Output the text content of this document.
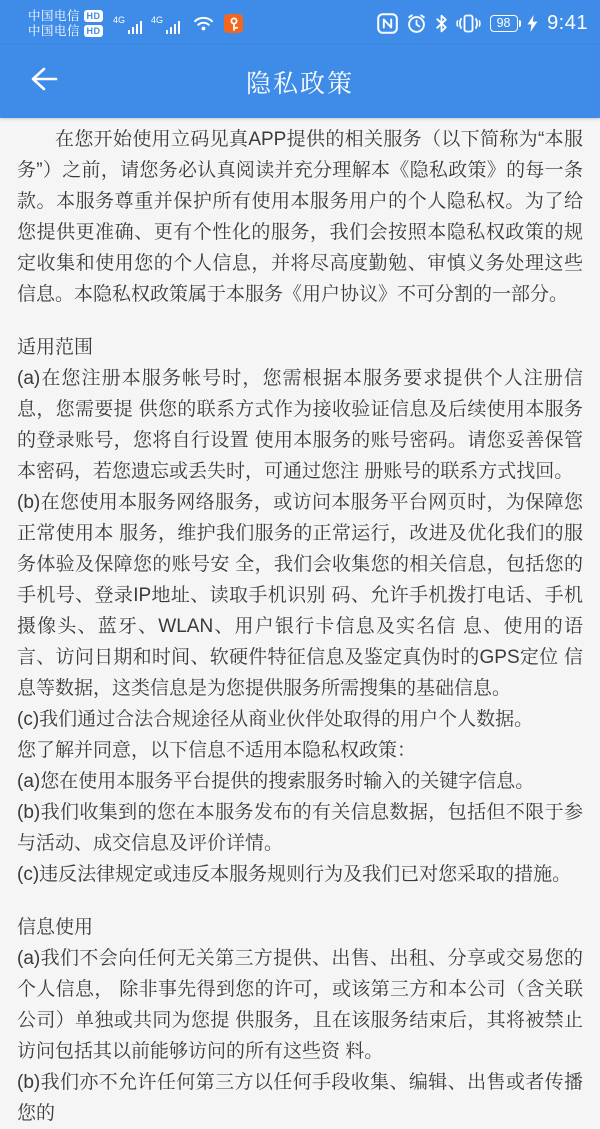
中国电信 HD
中国电信 HD
4G	4G	98	9:41
隐私政策

在您开始使用立码见真APP提供的相关服务（以下简称为“本服务”）之前，请您务必认真阅读并充分理解本《隐私政策》的每一条款。本服务尊重并保护所有使用本服务用户的个人隐私权。为了给您提供更准确、更有个性化的服务，我们会按照本隐私权政策的规定收集和使用您的个人信息，并将尽高度勤勉、审慎义务处理这些信息。本隐私权政策属于本服务《用户协议》不可分割的一部分。

适用范围

(a)在您注册本服务帐号时，您需根据本服务要求提供个人注册信息，您需要提 供您的联系方式作为接收验证信息及后续使用本服务的登录账号，您将自行设置 使用本服务的账号密码。请您妥善保管本密码，若您遗忘或丢失时，可通过您注 册账号的联系方式找回。

(b)在您使用本服务网络服务，或访问本服务平台网页时，为保障您正常使用本 服务，维护我们服务的正常运行，改进及优化我们的服务体验及保障您的账号安 全，我们会收集您的相关信息，包括您的手机号、登录IP地址、读取手机识别 码、允许手机拨打电话、手机摄像头、蓝牙、WLAN、用户银行卡信息及实名信 息、使用的语言、访问日期和时间、软硬件特征信息及鉴定真伪时的GPS定位 信息等数据，这类信息是为您提供服务所需搜集的基础信息。

(c)我们通过合法合规途径从商业伙伴处取得的用户个人数据。

您了解并同意，以下信息不适用本隐私权政策：

(a)您在使用本服务平台提供的搜索服务时输入的关键字信息。

(b)我们收集到的您在本服务发布的有关信息数据，包括但不限于参与活动、成交信息及评价详情。

(c)违反法律规定或违反本服务规则行为及我们已对您采取的措施。

信息使用

(a)我们不会向任何无关第三方提供、出售、出租、分享或交易您的个人信息， 除非事先得到您的许可，或该第三方和本公司（含关联公司）单独或共同为您提 供服务，且在该服务结束后，其将被禁止访问包括其以前能够访问的所有这些资 料。

(b)我们亦不允许任何第三方以任何手段收集、编辑、出售或者传播您的
